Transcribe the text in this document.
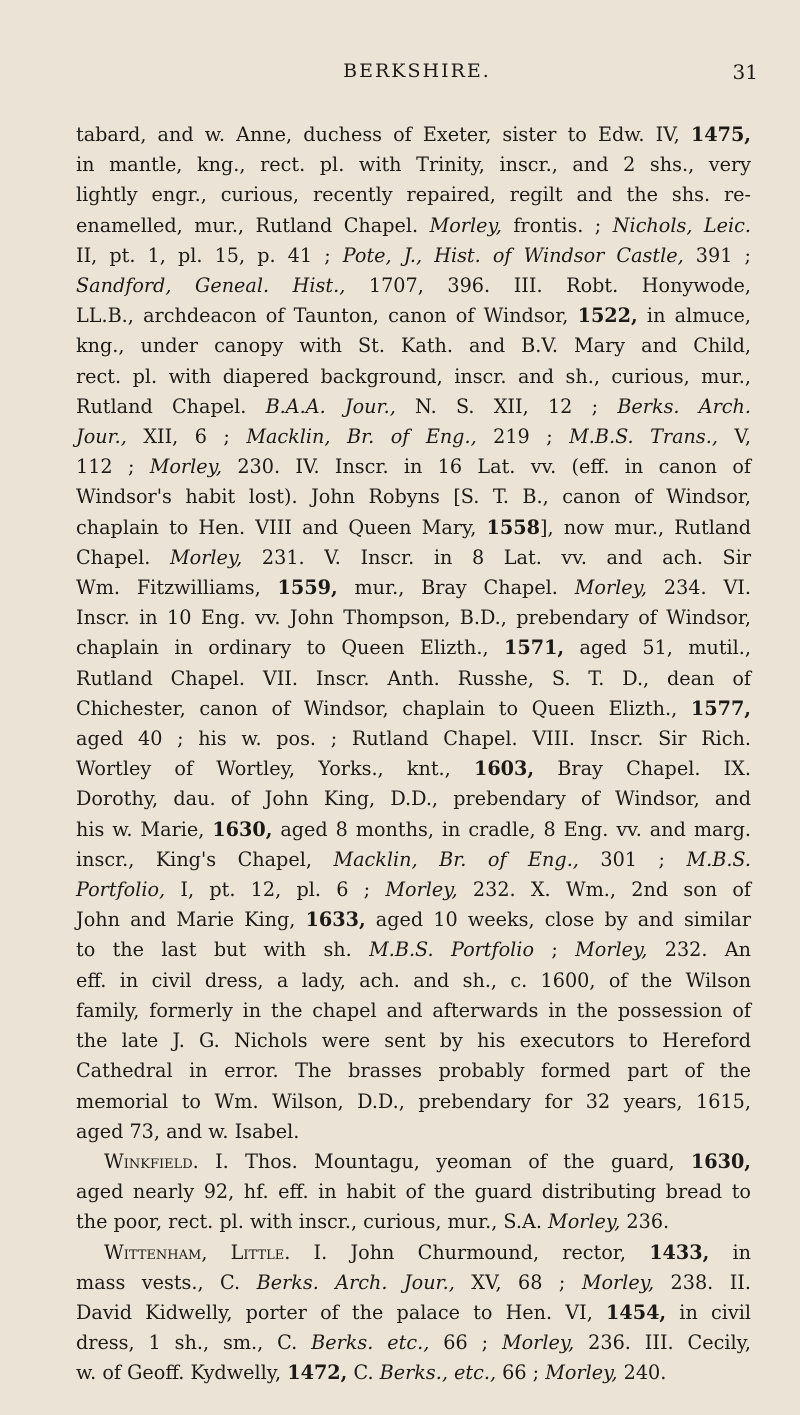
BERKSHIRE.	31
tabard, and w. Anne, duchess of Exeter, sister to Edw. IV, 1475,
in mantle, kng., rect. pl. with Trinity, inscr., and 2 shs., very
lightly engr., curious, recently repaired, regilt and the shs. re-
enamelled, mur., Rutland Chapel. Morley, frontis. ; Nichols, Leic.
II, pt. 1, pl. 15, p. 41 ; Pote, J., Hist. of Windsor Castle, 391 ;
Sandford, Geneal. Hist., 1707, 396. III. Robt. Honywode,
LL.B., archdeacon of Taunton, canon of Windsor, 1522, in almuce,
kng., under canopy with St. Kath. and B.V. Mary and Child,
rect. pl. with diapered background, inscr. and sh., curious, mur.,
Rutland Chapel. B.A.A. Jour., N. S. XII, 12 ; Berks. Arch.
Jour., XII, 6 ; Macklin, Br. of Eng., 219 ; M.B.S. Trans., V,
112 ; Morley, 230. IV. Inscr. in 16 Lat. vv. (eff. in canon of
Windsor's habit lost). John Robyns [S. T. B., canon of Windsor,
chaplain to Hen. VIII and Queen Mary, 1558], now mur., Rutland
Chapel. Morley, 231. V. Inscr. in 8 Lat. vv. and ach. Sir
Wm. Fitzwilliams, 1559, mur., Bray Chapel. Morley, 234. VI.
Inscr. in 10 Eng. vv. John Thompson, B.D., prebendary of Windsor,
chaplain in ordinary to Queen Elizth., 1571, aged 51, mutil.,
Rutland Chapel. VII. Inscr. Anth. Russhe, S. T. D., dean of
Chichester, canon of Windsor, chaplain to Queen Elizth., 1577,
aged 40 ; his w. pos. ; Rutland Chapel. VIII. Inscr. Sir Rich.
Wortley of Wortley, Yorks., knt., 1603, Bray Chapel. IX.
Dorothy, dau. of John King, D.D., prebendary of Windsor, and
his w. Marie, 1630, aged 8 months, in cradle, 8 Eng. vv. and marg.
inscr., King's Chapel, Macklin, Br. of Eng., 301 ; M.B.S.
Portfolio, I, pt. 12, pl. 6 ; Morley, 232. X. Wm., 2nd son of
John and Marie King, 1633, aged 10 weeks, close by and similar
to the last but with sh. M.B.S. Portfolio ; Morley, 232. An
eff. in civil dress, a lady, ach. and sh., c. 1600, of the Wilson
family, formerly in the chapel and afterwards in the possession of
the late J. G. Nichols were sent by his executors to Hereford
Cathedral in error. The brasses probably formed part of the
memorial to Wm. Wilson, D.D., prebendary for 32 years, 1615,
aged 73, and w. Isabel.
Winkfield. I. Thos. Mountagu, yeoman of the guard, 1630,
aged nearly 92, hf. eff. in habit of the guard distributing bread to
the poor, rect. pl. with inscr., curious, mur., S.A. Morley, 236.
Wittenham, Little. I. John Churmound, rector, 1433, in
mass vests., C. Berks. Arch. Jour., XV, 68 ; Morley, 238. II.
David Kidwelly, porter of the palace to Hen. VI, 1454, in civil
dress, 1 sh., sm., C. Berks. etc., 66 ; Morley, 236. III. Cecily,
w. of Geoff. Kydwelly, 1472, C. Berks., etc., 66 ; Morley, 240.
